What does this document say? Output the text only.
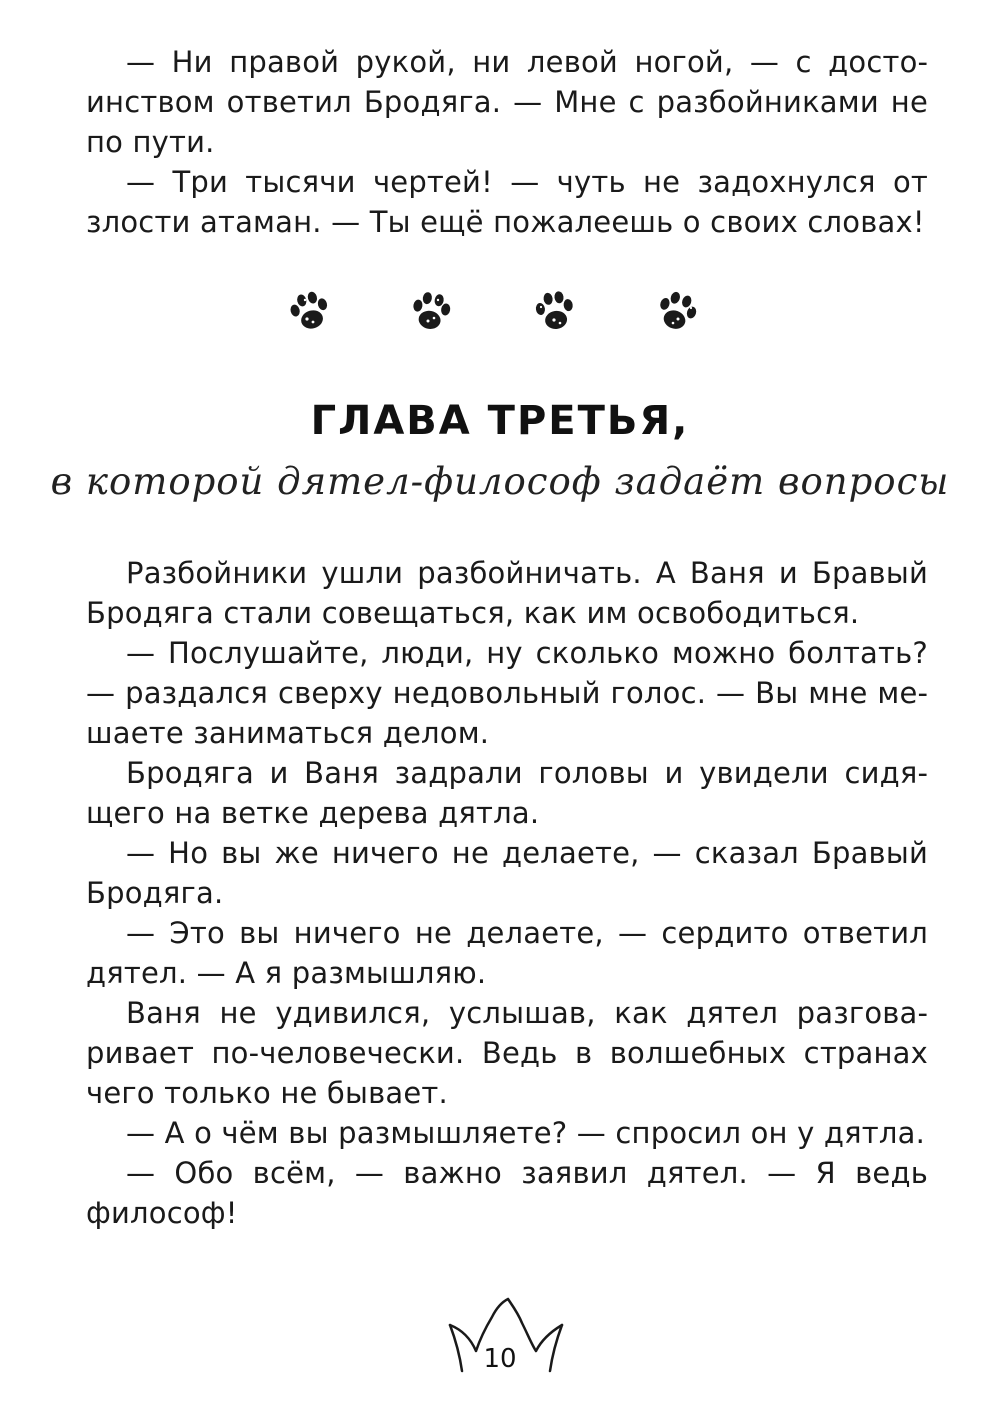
— Ни правой рукой, ни левой ногой, — с достоинством ответил Бродяга. — Мне с разбойниками не по пути.

— Три тысячи чертей! — чуть не задохнулся от злости атаман. — Ты ещё пожалеешь о своих словах!

ГЛАВА ТРЕТЬЯ,
в которой дятел-философ задаёт вопросы

Разбойники ушли разбойничать. А Ваня и Бравый Бродяга стали совещаться, как им освободиться.

— Послушайте, люди, ну сколько можно болтать? — раздался сверху недовольный голос. — Вы мне мешаете заниматься делом.

Бродяга и Ваня задрали головы и увидели сидящего на ветке дерева дятла.

— Но вы же ничего не делаете, — сказал Бравый Бродяга.

— Это вы ничего не делаете, — сердито ответил дятел. — А я размышляю.

Ваня не удивился, услышав, как дятел разговаривает по-человечески. Ведь в волшебных странах чего только не бывает.

— А о чём вы размышляете? — спросил он у дятла.

— Обо всём, — важно заявил дятел. — Я ведь философ!

10
